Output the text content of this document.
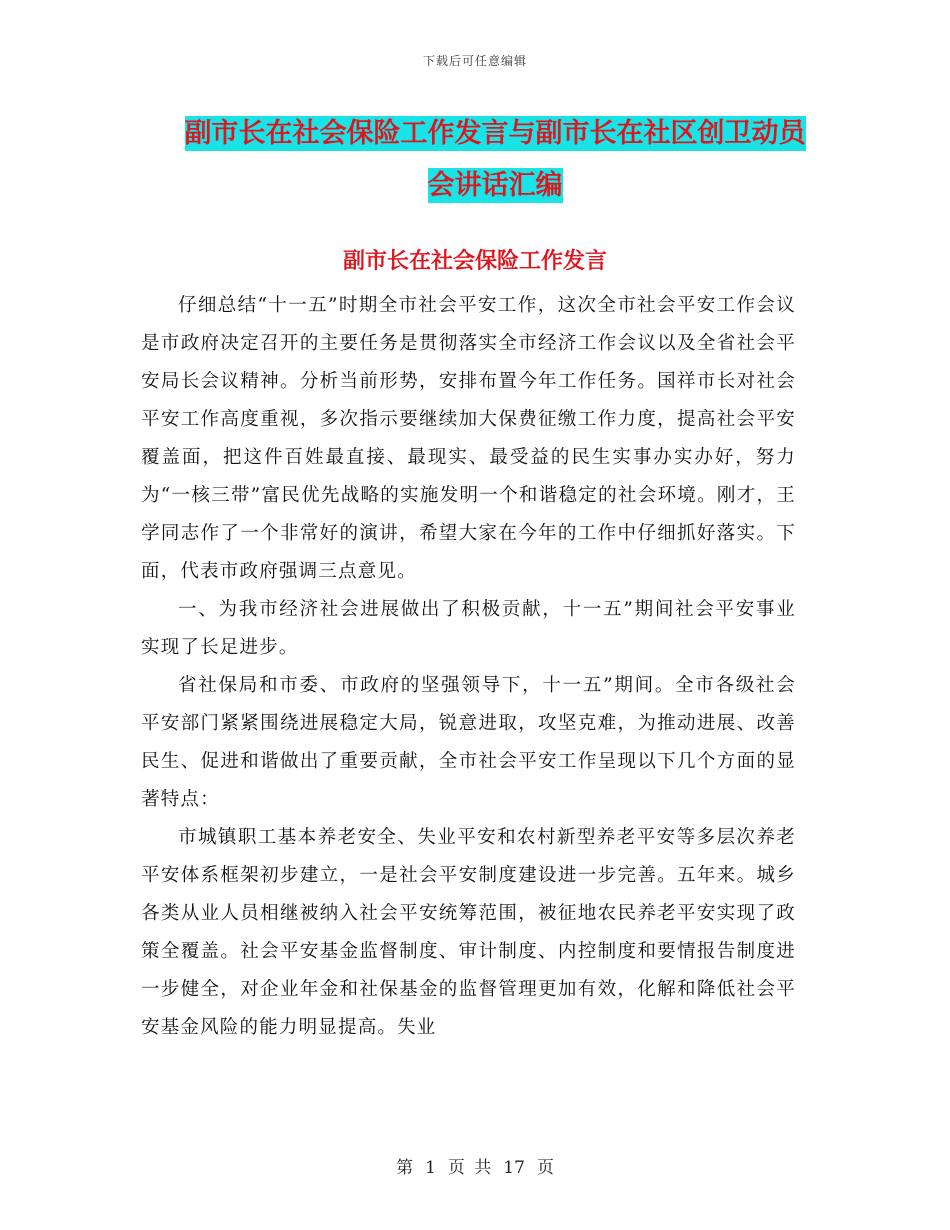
下载后可任意编辑
副市长在社会保险工作发言与副市长在社区创卫动员
会讲话汇编
副市长在社会保险工作发言

仔细总结“十一五”时期全市社会平安工作，这次全市社会平安工作会议是市政府决定召开的主要任务是贯彻落实全市经济工作会议以及全省社会平安局长会议精神。分析当前形势，安排布置今年工作任务。国祥市长对社会平安工作高度重视，多次指示要继续加大保费征缴工作力度，提高社会平安覆盖面，把这件百姓最直接、最现实、最受益的民生实事办实办好，努力为“一核三带”富民优先战略的实施发明一个和谐稳定的社会环境。刚才，王学同志作了一个非常好的演讲，希望大家在今年的工作中仔细抓好落实。下面，代表市政府强调三点意见。

一、为我市经济社会进展做出了积极贡献，十一五”期间社会平安事业实现了长足进步。

省社保局和市委、市政府的坚强领导下，十一五”期间。全市各级社会平安部门紧紧围绕进展稳定大局，锐意进取，攻坚克难，为推动进展、改善民生、促进和谐做出了重要贡献，全市社会平安工作呈现以下几个方面的显著特点：

市城镇职工基本养老安全、失业平安和农村新型养老平安等多层次养老平安体系框架初步建立，一是社会平安制度建设进一步完善。五年来。城乡各类从业人员相继被纳入社会平安统筹范围，被征地农民养老平安实现了政策全覆盖。社会平安基金监督制度、审计制度、内控制度和要情报告制度进一步健全，对企业年金和社保基金的监督管理更加有效，化解和降低社会平安基金风险的能力明显提高。失业

第 1 页 共 17 页
